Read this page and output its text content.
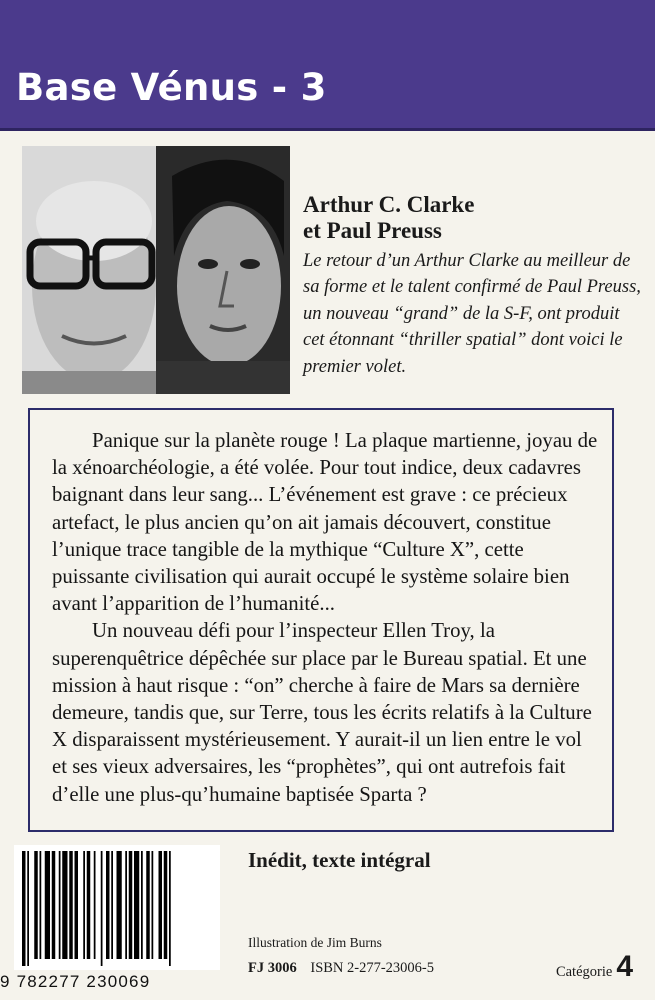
Base Vénus - 3
Arthur C. Clarke
et Paul Preuss
Le retour d’un Arthur Clarke au meilleur de sa forme et le talent confirmé de Paul Preuss, un nouveau “grand” de la S-F, ont produit cet étonnant “thriller spatial” dont voici le premier volet.

Panique sur la planète rouge ! La plaque martienne, joyau de la xénoarchéologie, a été volée. Pour tout indice, deux cadavres baignant dans leur sang... L’événement est grave : ce précieux artefact, le plus ancien qu’on ait jamais découvert, constitue l’unique trace tangible de la mythique “Culture X”, cette puissante civilisation qui aurait occupé le système solaire bien avant l’apparition de l’humanité...

Un nouveau défi pour l’inspecteur Ellen Troy, la superenquêtrice dépêchée sur place par le Bureau spatial. Et une mission à haut risque : “on” cherche à faire de Mars sa dernière demeure, tandis que, sur Terre, tous les écrits relatifs à la Culture X disparaissent mystérieusement. Y aurait-il un lien entre le vol et ses vieux adversaires, les “prophètes”, qui ont autrefois fait d’elle une plus-qu’humaine baptisée Sparta ?

9 782277 230069
Inédit, texte intégral
Illustration de Jim Burns
FJ 3006 ISBN 2-277-23006-5	Catégorie 4
